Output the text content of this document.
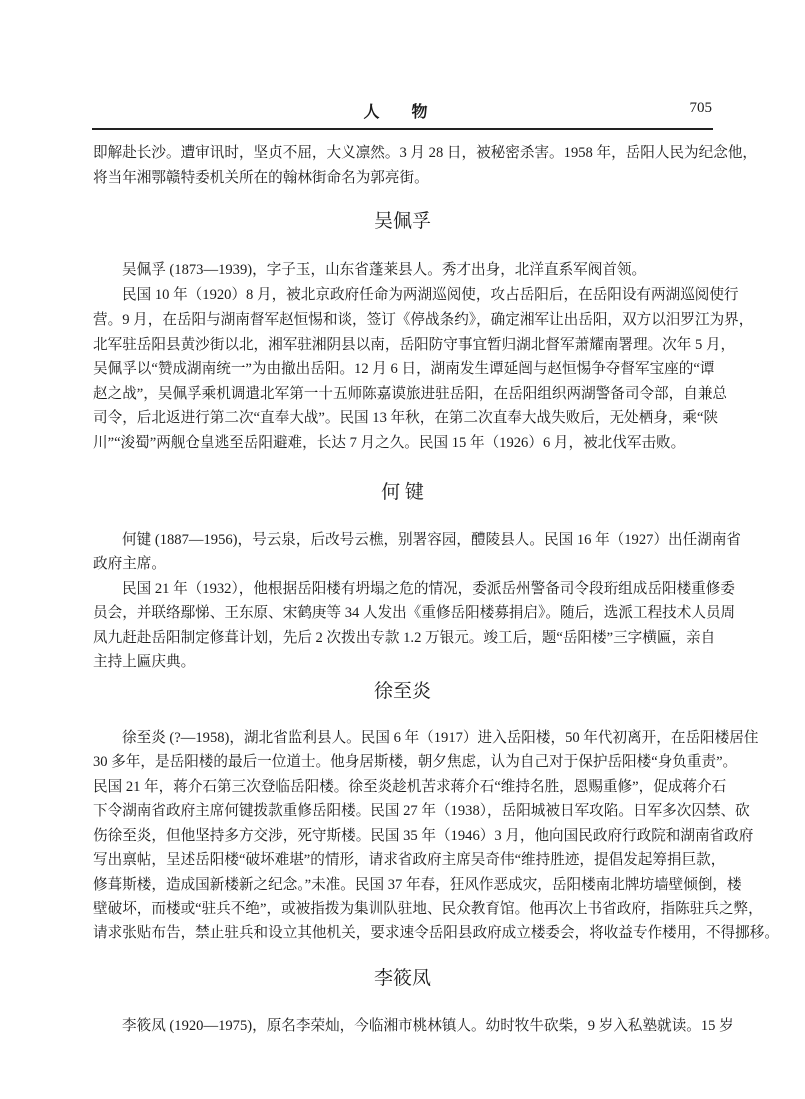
人 物	705
即解赴长沙。遭审讯时，坚贞不屈，大义凛然。3 月 28 日，被秘密杀害。1958 年，岳阳人民为纪念他，
将当年湘鄂赣特委机关所在的翰林街命名为郭亮街。
吴佩孚
吴佩孚 (1873—1939)，字子玉，山东省蓬莱县人。秀才出身，北洋直系军阀首领。
民国 10 年（1920）8 月，被北京政府任命为两湖巡阅使，攻占岳阳后，在岳阳设有两湖巡阅使行
营。9 月，在岳阳与湖南督军赵恒惕和谈，签订《停战条约》，确定湘军让出岳阳，双方以汨罗江为界，
北军驻岳阳县黄沙街以北，湘军驻湘阴县以南，岳阳防守事宜暂归湖北督军萧耀南署理。次年 5 月，
吴佩孚以“赞成湖南统一”为由撤出岳阳。12 月 6 日，湖南发生谭延闿与赵恒惕争夺督军宝座的“谭
赵之战”，吴佩孚乘机调遣北军第一十五师陈嘉谟旅进驻岳阳，在岳阳组织两湖警备司令部，自兼总
司令，后北返进行第二次“直奉大战”。民国 13 年秋，在第二次直奉大战失败后，无处栖身，乘“陕
川”“浚蜀”两舰仓皇逃至岳阳避难，长达 7 月之久。民国 15 年（1926）6 月，被北伐军击败。
何 键
何键 (1887—1956)，号云泉，后改号云樵，别署容园，醴陵县人。民国 16 年（1927）出任湖南省
政府主席。
民国 21 年（1932），他根据岳阳楼有坍塌之危的情况，委派岳州警备司令段珩组成岳阳楼重修委
员会，并联络鄢悌、王东原、宋鹤庚等 34 人发出《重修岳阳楼募捐启》。随后，选派工程技术人员周
凤九赶赴岳阳制定修葺计划，先后 2 次拨出专款 1.2 万银元。竣工后，题“岳阳楼”三字横匾，亲自
主持上匾庆典。
徐至炎
徐至炎 (?—1958)，湖北省监利县人。民国 6 年（1917）进入岳阳楼，50 年代初离开，在岳阳楼居住
30 多年，是岳阳楼的最后一位道士。他身居斯楼，朝夕焦虑，认为自己对于保护岳阳楼“身负重责”。
民国 21 年，蒋介石第三次登临岳阳楼。徐至炎趁机苦求蒋介石“维持名胜，恩赐重修”，促成蒋介石
下令湖南省政府主席何键拨款重修岳阳楼。民国 27 年（1938），岳阳城被日军攻陷。日军多次囚禁、砍
伤徐至炎，但他坚持多方交涉，死守斯楼。民国 35 年（1946）3 月，他向国民政府行政院和湖南省政府
写出禀帖，呈述岳阳楼“破坏难堪”的情形，请求省政府主席吴奇伟“维持胜迹，提倡发起筹捐巨款，
修葺斯楼，造成国新楼新之纪念。”未准。民国 37 年春，狂风作恶成灾，岳阳楼南北牌坊墙壁倾倒，楼
壁破坏，而楼或“驻兵不绝”，或被指拨为集训队驻地、民众教育馆。他再次上书省政府，指陈驻兵之弊，
请求张贴布告，禁止驻兵和设立其他机关，要求速令岳阳县政府成立楼委会，将收益专作楼用，不得挪移。
李筱凤
李筱凤 (1920—1975)，原名李荣灿，今临湘市桃林镇人。幼时牧牛砍柴，9 岁入私塾就读。15 岁
